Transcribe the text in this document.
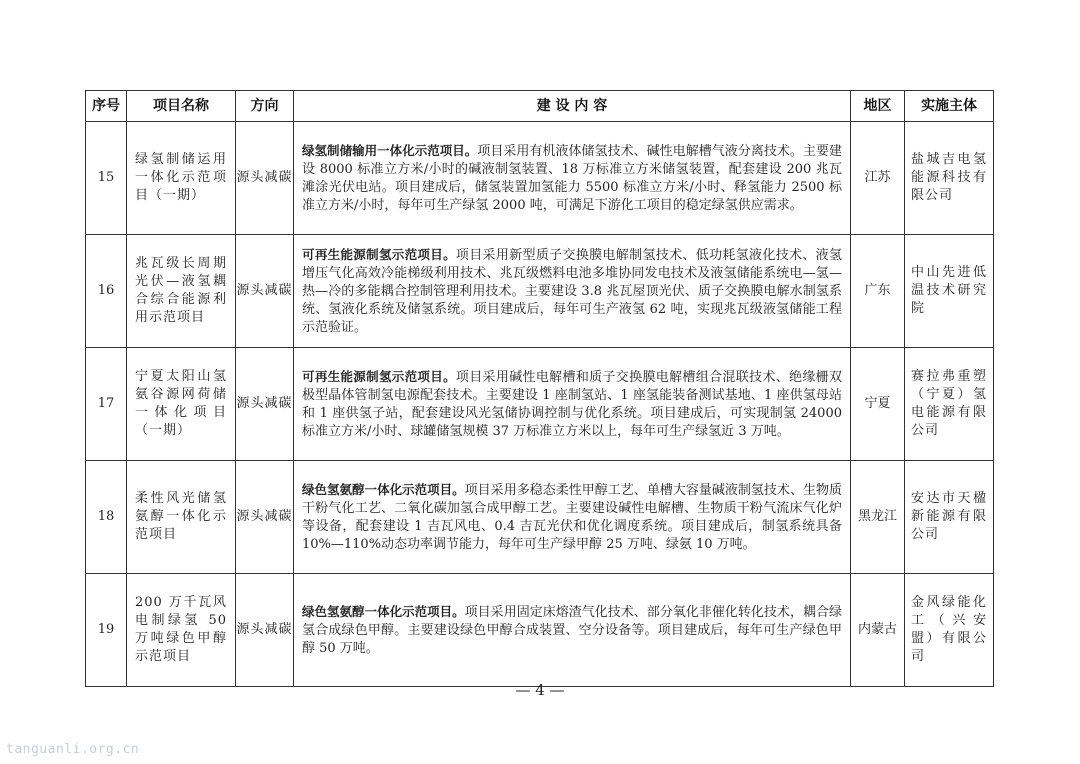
序号	项目名称	方向	建 设 内 容	地区	实施主体
15	绿氢制储运用一体化示范项目（一期）	源头减碳	绿氢制储输用一体化示范项目。项目采用有机液体储氢技术、碱性电解槽气液分离技术。主要建设 8000 标准立方米/小时的碱液制氢装置、18 万标准立方米储氢装置，配套建设 200 兆瓦滩涂光伏电站。项目建成后，储氢装置加氢能力 5500 标准立方米/小时、释氢能力 2500 标准立方米/小时，每年可生产绿氢 2000 吨，可满足下游化工项目的稳定绿氢供应需求。	江苏	盐城吉电氢能源科技有限公司
16	兆瓦级长周期光伏—液氢耦合综合能源利用示范项目	源头减碳	可再生能源制氢示范项目。项目采用新型质子交换膜电解制氢技术、低功耗氢液化技术、液氢增压气化高效冷能梯级利用技术、兆瓦级燃料电池多堆协同发电技术及液氢储能系统电—氢—热—冷的多能耦合控制管理利用技术。主要建设 3.8 兆瓦屋顶光伏、质子交换膜电解水制氢系统、氢液化系统及储氢系统。项目建成后，每年可生产液氢 62 吨，实现兆瓦级液氢储能工程示范验证。	广东	中山先进低温技术研究院
17	宁夏太阳山氢氨谷源网荷储一体化项目（一期）	源头减碳	可再生能源制氢示范项目。项目采用碱性电解槽和质子交换膜电解槽组合混联技术、绝缘栅双极型晶体管制氢电源配套技术。主要建设 1 座制氢站、1 座氢能装备测试基地、1 座供氢母站和 1 座供氢子站，配套建设风光氢储协调控制与优化系统。项目建成后，可实现制氢 24000 标准立方米/小时、球罐储氢规模 37 万标准立方米以上，每年可生产绿氢近 3 万吨。	宁夏	赛拉弗重塑（宁夏）氢电能源有限公司
18	柔性风光储氢氨醇一体化示范项目	源头减碳	绿色氢氨醇一体化示范项目。项目采用多稳态柔性甲醇工艺、单槽大容量碱液制氢技术、生物质干粉气化工艺、二氧化碳加氢合成甲醇工艺。主要建设碱性电解槽、生物质干粉气流床气化炉等设备，配套建设 1 吉瓦风电、0.4 吉瓦光伏和优化调度系统。项目建成后，制氢系统具备 10%—110%动态功率调节能力，每年可生产绿甲醇 25 万吨、绿氨 10 万吨。	黑龙江	安达市天楹新能源有限公司
19	200 万千瓦风电制绿氢 50 万吨绿色甲醇示范项目	源头减碳	绿色氢氨醇一体化示范项目。项目采用固定床熔渣气化技术、部分氧化非催化转化技术，耦合绿氢合成绿色甲醇。主要建设绿色甲醇合成装置、空分设备等。项目建成后，每年可生产绿色甲醇 50 万吨。	内蒙古	金风绿能化工（兴安盟）有限公司
— 4 —
tanguanli.org.cn
